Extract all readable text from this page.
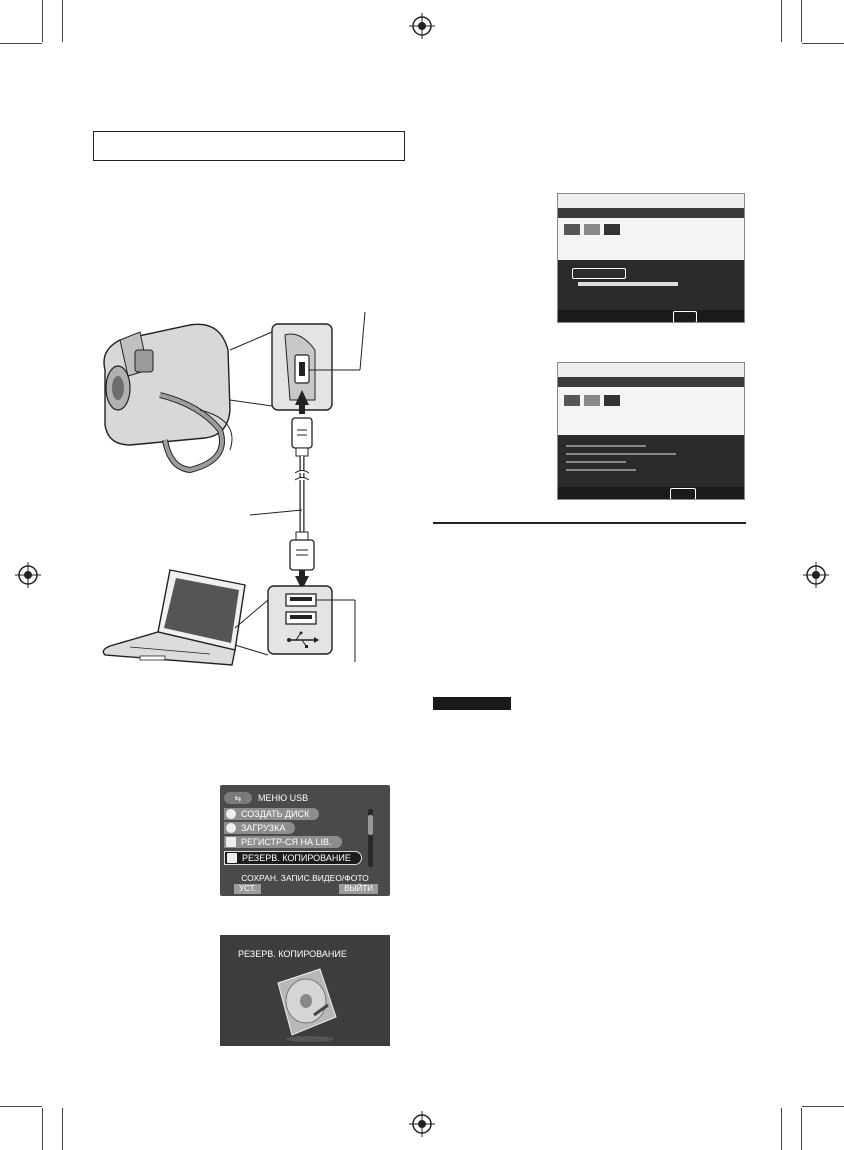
⇆	МЕНЮ USB
СОЗДАТЬ ДИСК
ЗАГРУЗКА
РЕГИСТР-СЯ НА LIB.
РЕЗЕРВ. КОПИРОВАНИЕ
СОХРАН. ЗАПИС.ВИДЕО/ФОТО
УСТ.	ВЫЙТИ
РЕЗЕРВ. КОПИРОВАНИЕ
